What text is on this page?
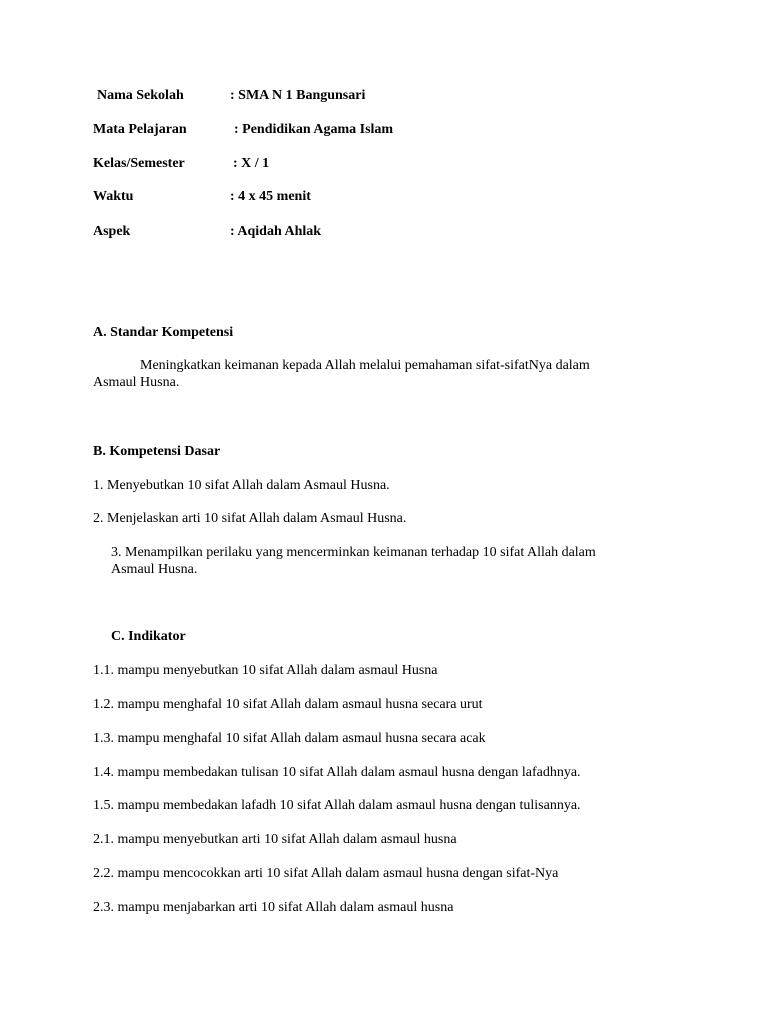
Nama Sekolah	: SMA N 1 Bangunsari
Mata Pelajaran	: Pendidikan Agama Islam
Kelas/Semester	: X / 1
Waktu	: 4 x 45 menit
Aspek	: Aqidah Ahlak
A. Standar Kompetensi
Meningkatkan keimanan kepada Allah melalui pemahaman sifat-sifatNya dalam
Asmaul Husna.
B. Kompetensi Dasar
1. Menyebutkan 10 sifat Allah dalam Asmaul Husna.
2. Menjelaskan arti 10 sifat Allah dalam Asmaul Husna.
3. Menampilkan perilaku yang mencerminkan keimanan terhadap 10 sifat Allah dalam
Asmaul Husna.
C. Indikator
1.1. mampu menyebutkan 10 sifat Allah dalam asmaul Husna
1.2. mampu menghafal 10 sifat Allah dalam asmaul husna secara urut
1.3. mampu menghafal 10 sifat Allah dalam asmaul husna secara acak
1.4. mampu membedakan tulisan 10 sifat Allah dalam asmaul husna dengan lafadhnya.
1.5. mampu membedakan lafadh 10 sifat Allah dalam asmaul husna dengan tulisannya.
2.1. mampu menyebutkan arti 10 sifat Allah dalam asmaul husna
2.2. mampu mencocokkan arti 10 sifat Allah dalam asmaul husna dengan sifat-Nya
2.3. mampu menjabarkan arti 10 sifat Allah dalam asmaul husna
